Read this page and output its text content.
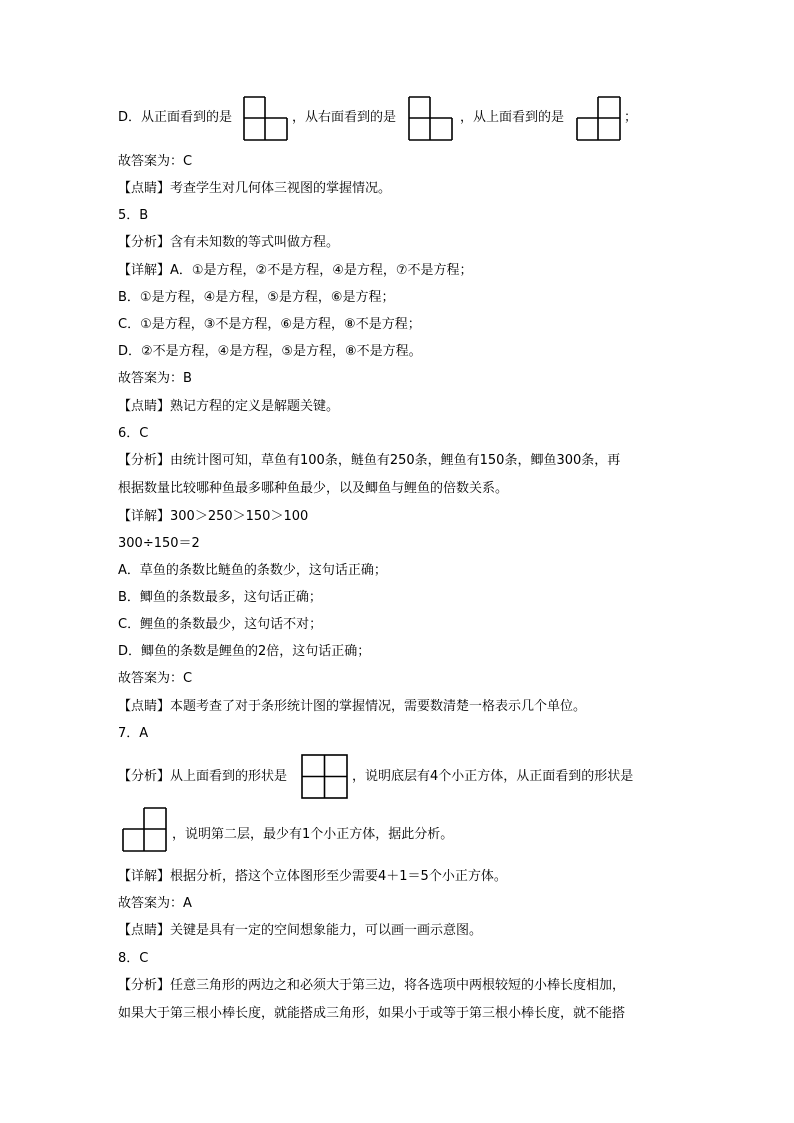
D．从正面看到的是	，从右面看到的是	，从上面看到的是	；
故答案为：C
【点睛】考查学生对几何体三视图的掌握情况。
5．B
【分析】含有未知数的等式叫做方程。
【详解】A．①是方程，②不是方程，④是方程，⑦不是方程；
B．①是方程，④是方程，⑤是方程，⑥是方程；
C．①是方程，③不是方程，⑥是方程，⑧不是方程；
D．②不是方程，④是方程，⑤是方程，⑧不是方程。
故答案为：B
【点睛】熟记方程的定义是解题关键。
6．C
【分析】由统计图可知，草鱼有100条，鲢鱼有250条，鲤鱼有150条，鲫鱼300条，再
根据数量比较哪种鱼最多哪种鱼最少，以及鲫鱼与鲤鱼的倍数关系。
【详解】300＞250＞150＞100
300÷150＝2
A．草鱼的条数比鲢鱼的条数少，这句话正确；
B．鲫鱼的条数最多，这句话正确；
C．鲤鱼的条数最少，这句话不对；
D．鲫鱼的条数是鲤鱼的2倍，这句话正确；
故答案为：C
【点睛】本题考查了对于条形统计图的掌握情况，需要数清楚一格表示几个单位。
7．A
【分析】从上面看到的形状是	，说明底层有4个小正方体，从正面看到的形状是
，说明第二层，最少有1个小正方体，据此分析。
【详解】根据分析，搭这个立体图形至少需要4＋1＝5个小正方体。
故答案为：A
【点睛】关键是具有一定的空间想象能力，可以画一画示意图。
8．C
【分析】任意三角形的两边之和必须大于第三边，将各选项中两根较短的小棒长度相加，
如果大于第三根小棒长度，就能搭成三角形，如果小于或等于第三根小棒长度，就不能搭
